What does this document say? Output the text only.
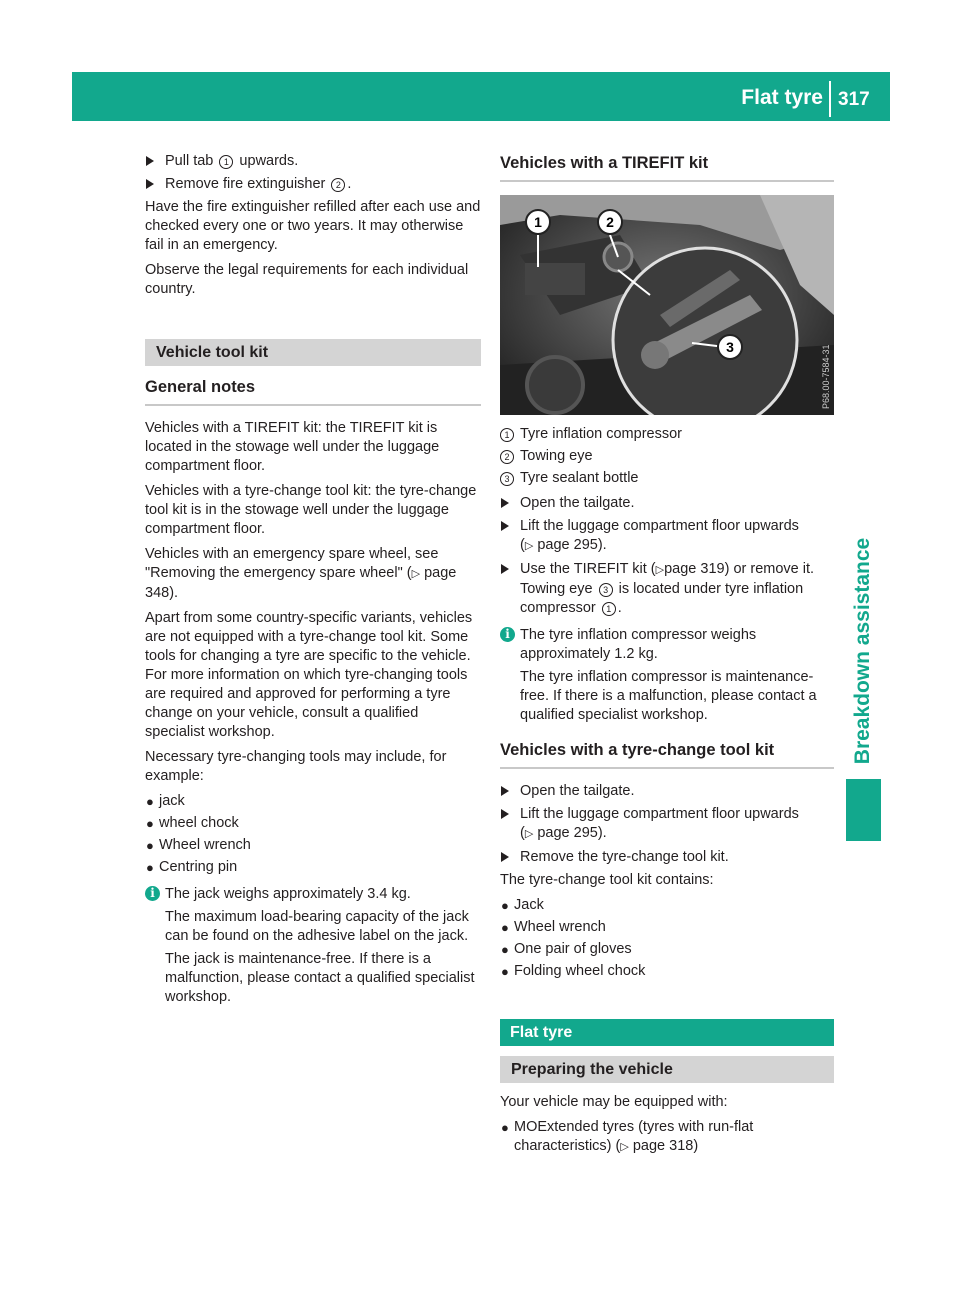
Flat tyre 317
Breakdown assistance
Pull tab 1 upwards.
Remove fire extinguisher 2 .

Have the fire extinguisher refilled after each use and checked every one or two years. It may otherwise fail in an emergency.

Observe the legal requirements for each individual country.

Vehicle tool kit
General notes

Vehicles with a TIREFIT kit: the TIREFIT kit is located in the stowage well under the luggage compartment floor.

Vehicles with a tyre-change tool kit: the tyre-change tool kit is in the stowage well under the luggage compartment floor.

Vehicles with an emergency spare wheel, see "Removing the emergency spare wheel" (▷ page 348).

Apart from some country-specific variants, vehicles are not equipped with a tyre-change tool kit. Some tools for changing a tyre are specific to the vehicle. For more information on which tyre-changing tools are required and approved for performing a tyre change on your vehicle, consult a qualified specialist workshop.

Necessary tyre-changing tools may include, for example:

● jack
● wheel chock
● Wheel wrench
● Centring pin
i The jack weighs approximately 3.4 kg.

The maximum load-bearing capacity of the jack can be found on the adhesive label on the jack.

The jack is maintenance-free. If there is a malfunction, please contact a qualified specialist workshop.

Vehicles with a TIREFIT kit
1	2
3	P68.00-7584-31
1 Tyre inflation compressor
2 Towing eye
3 Tyre sealant bottle
Open the tailgate.
Lift the luggage compartment floor upwards
(▷ page 295).
Use the TIREFIT kit (▷page 319) or remove it. Towing eye 3 is located under tyre inflation compressor 1 .
i The tyre inflation compressor weighs approximately 1.2 kg.

The tyre inflation compressor is maintenance-free. If there is a malfunction, please contact a qualified specialist workshop.

Vehicles with a tyre-change tool kit
Open the tailgate.
Lift the luggage compartment floor upwards
(▷ page 295).
Remove the tyre-change tool kit.

The tyre-change tool kit contains:

● Jack
● Wheel wrench
● One pair of gloves
● Folding wheel chock
Flat tyre
Preparing the vehicle

Your vehicle may be equipped with:

● MOExtended tyres (tyres with run-flat characteristics) (▷ page 318)
